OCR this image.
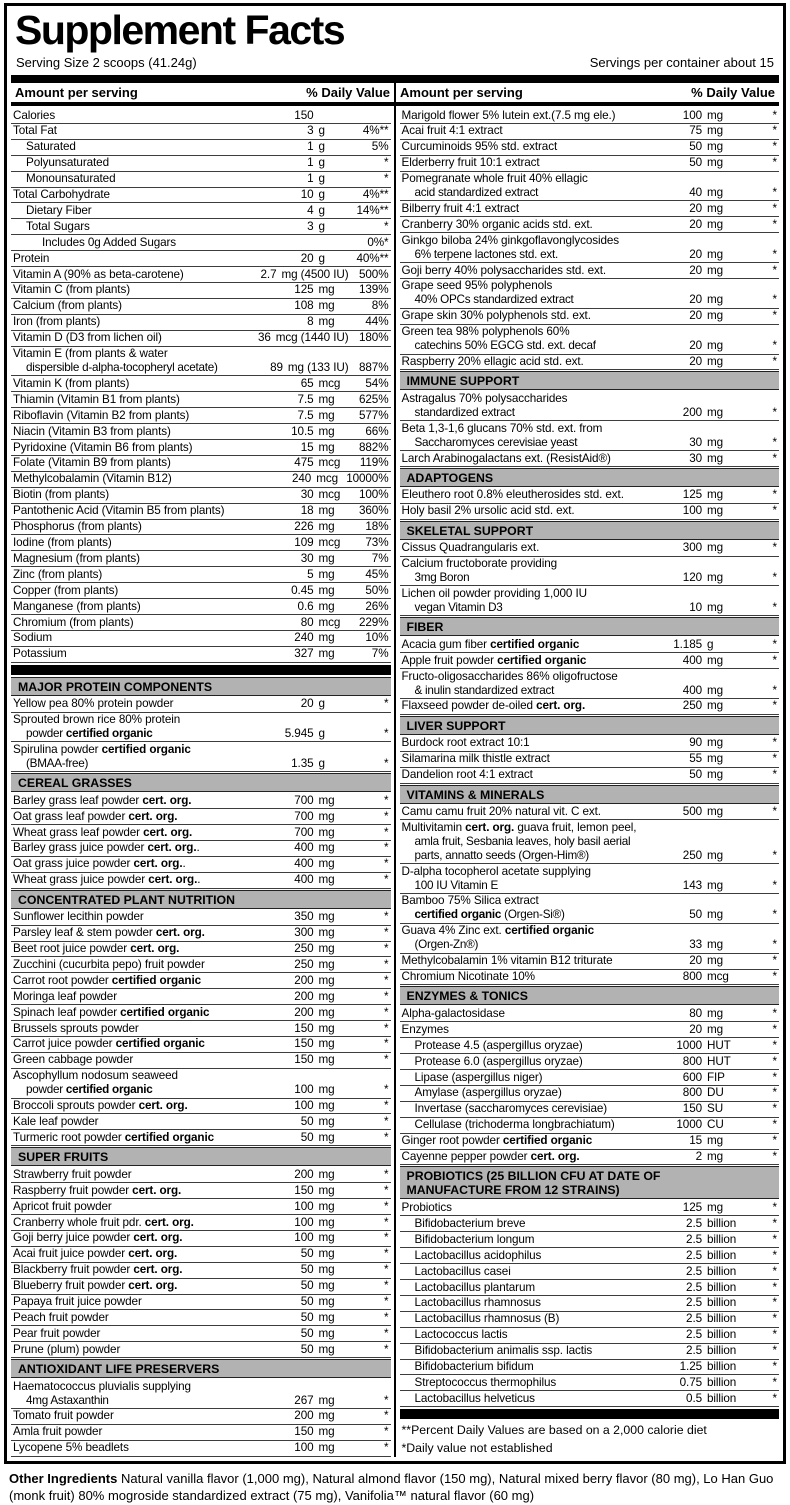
Supplement Facts
Serving Size 2 scoops (41.24g)	Servings per container about 15
Amount per serving	% Daily Value Amount per serving	% Daily Value
Calories	150
Total Fat	3 g	4%**
Saturated	1 g	5%
Polyunsaturated	1 g	*
Monounsaturated	1 g	*
Total Carbohydrate	10 g	4%**
Dietary Fiber	4 g	14%**
Total Sugars	3 g	*
Includes 0g Added Sugars	0%*
Protein	20 g	40%**
Vitamin A (90% as beta-carotene)	2.7 mg (4500 IU) 500%
Vitamin C (from plants)	125 mg	139%
Calcium (from plants)	108 mg	8%
Iron (from plants)	8 mg	44%
Vitamin D (D3 from lichen oil)	36 mcg (1440 IU) 180%
Vitamin E (from plants & water
dispersible d-alpha-tocopheryl acetate)	89 mg (133 IU) 887%
Vitamin K (from plants)	65 mcg	54%
Thiamin (Vitamin B1 from plants)	7.5 mg	625%
Riboflavin (Vitamin B2 from plants)	7.5 mg	577%
Niacin (Vitamin B3 from plants)	10.5 mg	66%
Pyridoxine (Vitamin B6 from plants)	15 mg	882%
Folate (Vitamin B9 from plants)	475 mcg	119%
Methylcobalamin (Vitamin B12)	240 mcg 10000%
Biotin (from plants)	30 mcg	100%
Pantothenic Acid (Vitamin B5 from plants)	18 mg	360%
Phosphorus (from plants)	226 mg	18%
Iodine (from plants)	109 mcg	73%
Magnesium (from plants)	30 mg	7%
Zinc (from plants)	5 mg	45%
Copper (from plants)	0.45 mg	50%
Manganese (from plants)	0.6 mg	26%
Chromium (from plants)	80 mcg	229%
Sodium	240 mg	10%
Potassium	327 mg	7%
MAJOR PROTEIN COMPONENTS
Yellow pea 80% protein powder	20 g	*
Sprouted brown rice 80% protein
powder certified organic	5.945 g	*
Spirulina powder certified organic
(BMAA-free)	1.35 g	*
CEREAL GRASSES
Barley grass leaf powder cert. org.	700 mg	*
Oat grass leaf powder cert. org.	700 mg	*
Wheat grass leaf powder cert. org.	700 mg	*
Barley grass juice powder cert. org..	400 mg	*
Oat grass juice powder cert. org..	400 mg	*
Wheat grass juice powder cert. org..	400 mg	*
CONCENTRATED PLANT NUTRITION
Sunflower lecithin powder	350 mg	*
Parsley leaf & stem powder cert. org.	300 mg	*
Beet root juice powder cert. org.	250 mg	*
Zucchini (cucurbita pepo) fruit powder	250 mg	*
Carrot root powder certified organic	200 mg	*
Moringa leaf powder	200 mg	*
Spinach leaf powder certified organic	200 mg	*
Brussels sprouts powder	150 mg	*
Carrot juice powder certified organic	150 mg	*
Green cabbage powder	150 mg	*
Ascophyllum nodosum seaweed
powder certified organic	100 mg	*
Broccoli sprouts powder cert. org.	100 mg	*
Kale leaf powder	50 mg	*
Turmeric root powder certified organic	50 mg	*
SUPER FRUITS
Strawberry fruit powder	200 mg	*
Raspberry fruit powder cert. org.	150 mg	*
Apricot fruit powder	100 mg	*
Cranberry whole fruit pdr. cert. org.	100 mg	*
Goji berry juice powder cert. org.	100 mg	*
Acai fruit juice powder cert. org.	50 mg	*
Blackberry fruit powder cert. org.	50 mg	*
Blueberry fruit powder cert. org.	50 mg	*
Papaya fruit juice powder	50 mg	*
Peach fruit powder	50 mg	*
Pear fruit powder	50 mg	*
Prune (plum) powder	50 mg	*
ANTIOXIDANT LIFE PRESERVERS
Haematococcus pluvialis supplying
4mg Astaxanthin	267 mg	*
Tomato fruit powder	200 mg	*
Amla fruit powder	150 mg	*
Lycopene 5% beadlets	100 mg	*
Marigold flower 5% lutein ext.(7.5 mg ele.)	100 mg	*
Acai fruit 4:1 extract	75 mg	*
Curcuminoids 95% std. extract	50 mg	*
Elderberry fruit 10:1 extract	50 mg	*
Pomegranate whole fruit 40% ellagic
acid standardized extract	40 mg	*
Bilberry fruit 4:1 extract	20 mg	*
Cranberry 30% organic acids std. ext.	20 mg	*
Ginkgo biloba 24% ginkgoflavonglycosides
6% terpene lactones std. ext.	20 mg	*
Goji berry 40% polysaccharides std. ext.	20 mg	*
Grape seed 95% polyphenols
40% OPCs standardized extract	20 mg	*
Grape skin 30% polyphenols std. ext.	20 mg	*
Green tea 98% polyphenols 60%
catechins 50% EGCG std. ext. decaf	20 mg	*
Raspberry 20% ellagic acid std. ext.	20 mg	*
IMMUNE SUPPORT
Astragalus 70% polysaccharides
standardized extract	200 mg	*
Beta 1,3-1,6 glucans 70% std. ext. from
Saccharomyces cerevisiae yeast	30 mg	*
Larch Arabinogalactans ext. (ResistAid®)	30 mg	*
ADAPTOGENS
Eleuthero root 0.8% eleutherosides std. ext.	125 mg	*
Holy basil 2% ursolic acid std. ext.	100 mg	*
SKELETAL SUPPORT
Cissus Quadrangularis ext.	300 mg	*
Calcium fructoborate providing
3mg Boron	120 mg	*
Lichen oil powder providing 1,000 IU
vegan Vitamin D3	10 mg	*
FIBER
Acacia gum fiber certified organic	1.185 g	*
Apple fruit powder certified organic	400 mg	*
Fructo-oligosaccharides 86% oligofructose
& inulin standardized extract	400 mg	*
Flaxseed powder de-oiled cert. org.	250 mg	*
LIVER SUPPORT
Burdock root extract 10:1	90 mg	*
Silamarina milk thistle extract	55 mg	*
Dandelion root 4:1 extract	50 mg	*
VITAMINS & MINERALS
Camu camu fruit 20% natural vit. C ext.	500 mg	*
Multivitamin cert. org. guava fruit, lemon peel,
amla fruit, Sesbania leaves, holy basil aerial
parts, annatto seeds (Orgen-Him®)	250 mg	*
D-alpha tocopherol acetate supplying
100 IU Vitamin E	143 mg	*
Bamboo 75% Silica extract
certified organic (Orgen-Si®)	50 mg	*
Guava 4% Zinc ext. certified organic
(Orgen-Zn®)	33 mg	*
Methylcobalamin 1% vitamin B12 triturate	20 mg	*
Chromium Nicotinate 10%	800 mcg	*
ENZYMES & TONICS
Alpha-galactosidase	80 mg	*
Enzymes	20 mg	*
Protease 4.5 (aspergillus oryzae)	1000 HUT	*
Protease 6.0 (aspergillus oryzae)	800 HUT	*
Lipase (aspergillus niger)	600 FIP	*
Amylase (aspergillus oryzae)	800 DU	*
Invertase (saccharomyces cerevisiae)	150 SU	*
Cellulase (trichoderma longbrachiatum)	1000 CU	*
Ginger root powder certified organic	15 mg	*
Cayenne pepper powder cert. org.	2 mg	*
PROBIOTICS (25 BILLION CFU AT DATE OF
MANUFACTURE FROM 12 STRAINS)
Probiotics	125 mg	*
Bifidobacterium breve	2.5 billion	*
Bifidobacterium longum	2.5 billion	*
Lactobacillus acidophilus	2.5 billion	*
Lactobacillus casei	2.5 billion	*
Lactobacillus plantarum	2.5 billion	*
Lactobacillus rhamnosus	2.5 billion	*
Lactobacillus rhamnosus (B)	2.5 billion	*
Lactococcus lactis	2.5 billion	*
Bifidobacterium animalis ssp. lactis	2.5 billion	*
Bifidobacterium bifidum	1.25 billion	*
Streptococcus thermophilus	0.75 billion	*
Lactobacillus helveticus	0.5 billion	*
**Percent Daily Values are based on a 2,000 calorie diet
*Daily value not established
Other Ingredients Natural vanilla flavor (1,000 mg), Natural almond flavor (150 mg), Natural mixed berry flavor (80 mg), Lo Han Guo (monk fruit) 80% mogroside standardized extract (75 mg), Vanifolia™ natural flavor (60 mg)
